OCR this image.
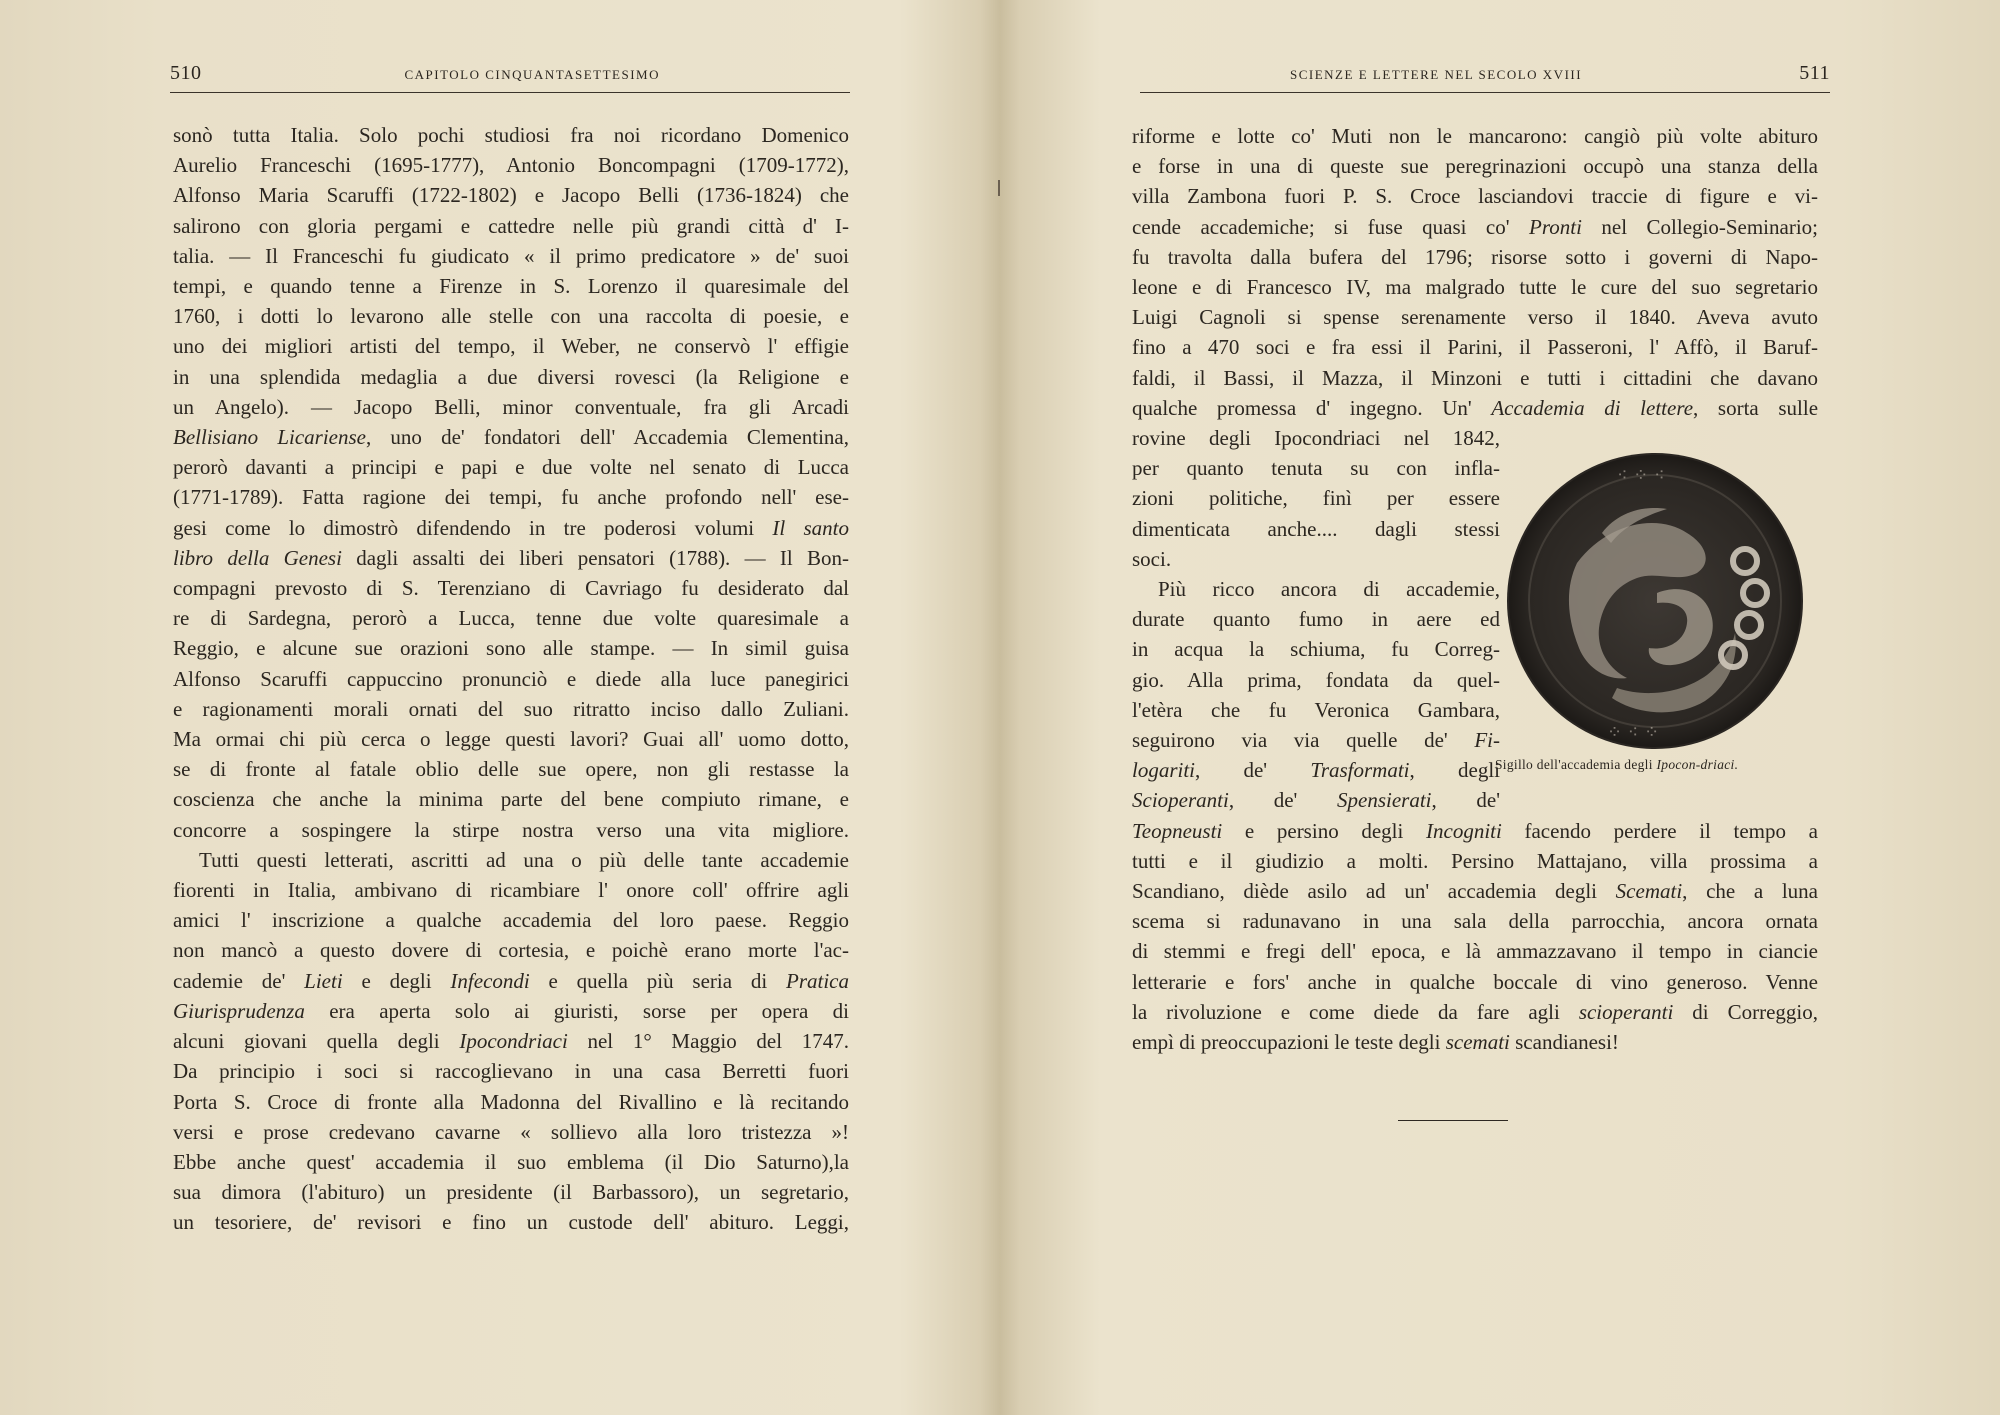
510	CAPITOLO CINQUANTASETTESIMO
sonò tutta Italia. Solo pochi studiosi fra noi ricordano Domenico
Aurelio Franceschi (1695-1777), Antonio Boncompagni (1709-1772),
Alfonso Maria Scaruffi (1722-1802) e Jacopo Belli (1736-1824) che
salirono con gloria pergami e cattedre nelle più grandi città d' I-
talia. — Il Franceschi fu giudicato « il primo predicatore » de' suoi
tempi, e quando tenne a Firenze in S. Lorenzo il quaresimale del
1760, i dotti lo levarono alle stelle con una raccolta di poesie, e
uno dei migliori artisti del tempo, il Weber, ne conservò l' effigie
in una splendida medaglia a due diversi rovesci (la Religione e
un Angelo). — Jacopo Belli, minor conventuale, fra gli Arcadi
Bellisiano Licariense, uno de' fondatori dell' Accademia Clementina,
perorò davanti a principi e papi e due volte nel senato di Lucca
(1771-1789). Fatta ragione dei tempi, fu anche profondo nell' ese-
gesi come lo dimostrò difendendo in tre poderosi volumi Il santo
libro della Genesi dagli assalti dei liberi pensatori (1788). — Il Bon-
compagni prevosto di S. Terenziano di Cavriago fu desiderato dal
re di Sardegna, perorò a Lucca, tenne due volte quaresimale a
Reggio, e alcune sue orazioni sono alle stampe. — In simil guisa
Alfonso Scaruffi cappuccino pronunciò e diede alla luce panegirici
e ragionamenti morali ornati del suo ritratto inciso dallo Zuliani.
Ma ormai chi più cerca o legge questi lavori? Guai all' uomo dotto,
se di fronte al fatale oblio delle sue opere, non gli restasse la
coscienza che anche la minima parte del bene compiuto rimane, e
concorre a sospingere la stirpe nostra verso una vita migliore.
Tutti questi letterati, ascritti ad una o più delle tante accademie
fiorenti in Italia, ambivano di ricambiare l' onore coll' offrire agli
amici l' inscrizione a qualche accademia del loro paese. Reggio
non mancò a questo dovere di cortesia, e poichè erano morte l'ac-
cademie de' Lieti e degli Infecondi e quella più seria di Pratica
Giurisprudenza era aperta solo ai giuristi, sorse per opera di
alcuni giovani quella degli Ipocondriaci nel 1° Maggio del 1747.
Da principio i soci si raccoglievano in una casa Berretti fuori
Porta S. Croce di fronte alla Madonna del Rivallino e là recitando
versi e prose credevano cavarne « sollievo alla loro tristezza »!
Ebbe anche quest' accademia il suo emblema (il Dio Saturno),la
sua dimora (l'abituro) un presidente (il Barbassoro), un segretario,
un tesoriere, de' revisori e fino un custode dell' abituro. Leggi,
SCIENZE E LETTERE NEL SECOLO XVIII	511
riforme e lotte co' Muti non le mancarono: cangiò più volte abituro
e forse in una di queste sue peregrinazioni occupò una stanza della
villa Zambona fuori P. S. Croce lasciandovi traccie di figure e vi-
cende accademiche; si fuse quasi co' Pronti nel Collegio-Seminario;
fu travolta dalla bufera del 1796; risorse sotto i governi di Napo-
leone e di Francesco IV, ma malgrado tutte le cure del suo segretario
Luigi Cagnoli si spense serenamente verso il 1840. Aveva avuto
fino a 470 soci e fra essi il Parini, il Passeroni, l' Affò, il Baruf-
faldi, il Bassi, il Mazza, il Minzoni e tutti i cittadini che davano
qualche promessa d' ingegno. Un' Accademia di lettere, sorta sulle
rovine degli Ipocondriaci nel 1842,
per quanto tenuta su con infla-
zioni politiche, finì per essere
dimenticata anche.... dagli stessi
soci.
Più ricco ancora di accademie,
durate quanto fumo in aere ed
in acqua la schiuma, fu Correg-
gio. Alla prima, fondata da quel-
l'etèra che fu Veronica Gambara,
seguirono via via quelle de' Fi-
logariti, de' Trasformati, degli
Scioperanti, de' Spensierati, de'
Teopneusti e persino degli Incogniti facendo perdere il tempo a
tutti e il giudizio a molti. Persino Mattajano, villa prossima a
Scandiano, diède asilo ad un' accademia degli Scemati, che a luna
scema si radunavano in una sala della parrocchia, ancora ornata
di stemmi e fregi dell' epoca, e là ammazzavano il tempo in ciancie
letterarie e fors' anche in qualche boccale di vino generoso. Venne
la rivoluzione e come diede da fare agli scioperanti di Correggio,
empì di preoccupazioni le teste degli scemati scandianesi!
⁖ ⁘ ⁖
⁘ ⁖ ⁘
Sigillo dell'accademia degli Ipocon-driaci.
